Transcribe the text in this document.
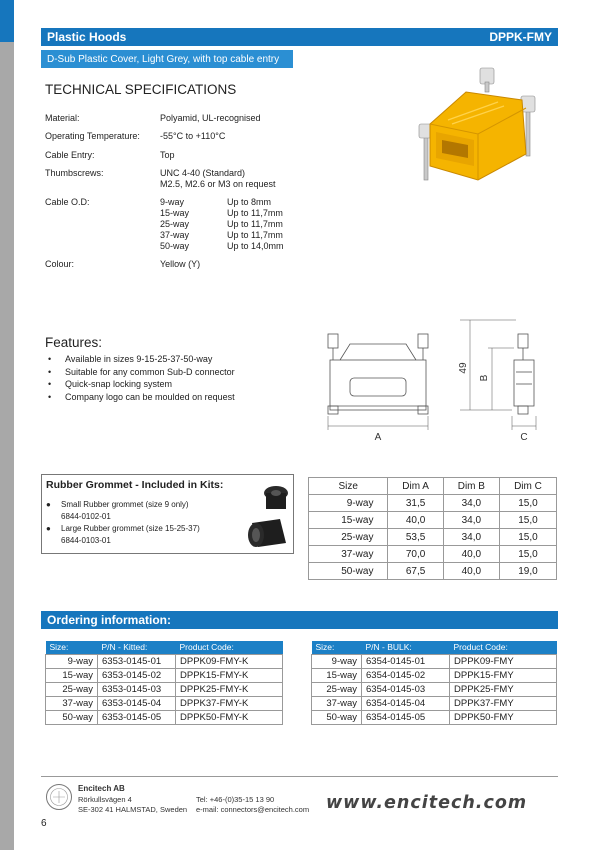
Plastic Hoods	DPPK-FMY
D-Sub Plastic Cover, Light Grey, with top cable entry
TECHNICAL SPECIFICATIONS
Material:	Polyamid, UL-recognised
Operating Temperature: -55°C to +110°C
Cable Entry:	Top
Thumbscrews:	UNC 4-40 (Standard)
M2.5, M2.6 or M3 on request
Cable O.D:	9-way	Up to 8mm
15-way	Up to 11,7mm
25-way	Up to 11,7mm
37-way	Up to 11,7mm
50-way	Up to 14,0mm
Colour:	Yellow (Y)
Features:
• Available in sizes 9-15-25-37-50-way
• Suitable for any common Sub-D connector
• Quick-snap locking system
• Company logo can be moulded on request
A	C
49
B
Rubber Grommet - Included in Kits:
● Small Rubber grommet (size 9 only)
6844-0102-01
● Large Rubber grommet (size 15-25-37)
6844-0103-01
Size	Dim A	Dim B	Dim C
9-way	31,5	34,0	15,0
15-way	40,0	34,0	15,0
25-way	53,5	34,0	15,0
37-way	70,0	40,0	15,0
50-way	67,5	40,0	19,0
Ordering information:
Size:	P/N - Kitted:	Product Code:
9-way	6353-0145-01	DPPK09-FMY-K
15-way	6353-0145-02	DPPK15-FMY-K
25-way	6353-0145-03	DPPK25-FMY-K
37-way	6353-0145-04	DPPK37-FMY-K
50-way	6353-0145-05	DPPK50-FMY-K
Size:	P/N - BULK:	Product Code:
9-way	6354-0145-01	DPPK09-FMY
15-way	6354-0145-02	DPPK15-FMY
25-way	6354-0145-03	DPPK25-FMY
37-way	6354-0145-04	DPPK37-FMY
50-way	6354-0145-05	DPPK50-FMY
Encitech AB
Rörkullsvägen 4
SE-302 41 HALMSTAD, Sweden
Tel: +46-(0)35-15 13 90
e-mail: connectors@encitech.com www.encitech.com
6
